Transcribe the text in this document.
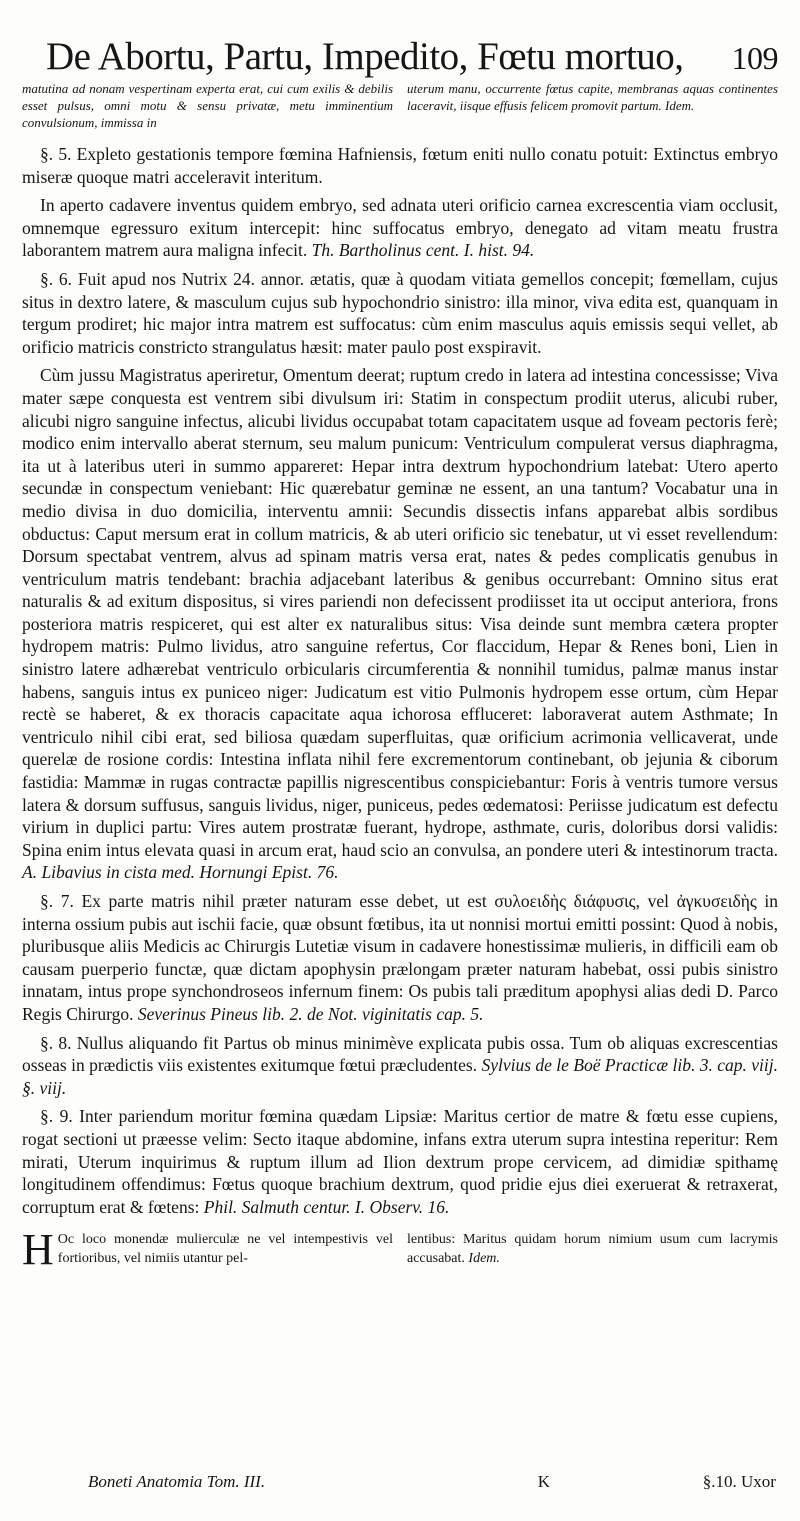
De Abortu, Partu, Impedito, Fœtu mortuo, 109
matutina ad nonam vespertinam experta erat, cui cum exilis & debilis esset pulsus, omni motu & sensu privatæ, metu imminentium convulsionum, immissa in
uterum manu, occurrente fœtus capite, membranas aquas continentes laceravit, iisque effusis felicem promovit partum. Idem.

§. 5. Expleto gestationis tempore fœmina Hafniensis, fœtum eniti nullo conatu potuit: Extinctus embryo miseræ quoque matri acceleravit interitum.

In aperto cadavere inventus quidem embryo, sed adnata uteri orificio carnea excrescentia viam occlusit, omnemque egressuro exitum intercepit: hinc suffocatus embryo, denegato ad vitam meatu frustra laborantem matrem aura maligna infecit. Th. Bartholinus cent. I. hist. 94.

§. 6. Fuit apud nos Nutrix 24. annor. ætatis, quæ à quodam vitiata gemellos concepit; fœmellam, cujus situs in dextro latere, & masculum cujus sub hypochondrio sinistro: illa minor, viva edita est, quanquam in tergum prodiret; hic major intra matrem est suffocatus: cùm enim masculus aquis emissis sequi vellet, ab orificio matricis constricto strangulatus hæsit: mater paulo post exspiravit.

Cùm jussu Magistratus aperiretur, Omentum deerat; ruptum credo in latera ad intestina concessisse; Viva mater sæpe conquesta est ventrem sibi divulsum iri: Statim in conspectum prodiit uterus, alicubi ruber, alicubi nigro sanguine infectus, alicubi lividus occupabat totam capacitatem usque ad foveam pectoris ferè; modico enim intervallo aberat sternum, seu malum punicum: Ventriculum compulerat versus diaphragma, ita ut à lateribus uteri in summo appareret: Hepar intra dextrum hypochondrium latebat: Utero aperto secundæ in conspectum veniebant: Hic quærebatur geminæ ne essent, an una tantum? Vocabatur una in medio divisa in duo domicilia, interventu amnii: Secundis dissectis infans apparebat albis sordibus obductus: Caput mersum erat in collum matricis, & ab uteri orificio sic tenebatur, ut vi esset revellendum: Dorsum spectabat ventrem, alvus ad spinam matris versa erat, nates & pedes complicatis genubus in ventriculum matris tendebant: brachia adjacebant lateribus & genibus occurrebant: Omnino situs erat naturalis & ad exitum dispositus, si vires pariendi non defecissent prodiisset ita ut occiput anteriora, frons posteriora matris respiceret, qui est alter ex naturalibus situs: Visa deinde sunt membra cætera propter hydropem matris: Pulmo lividus, atro sanguine refertus, Cor flaccidum, Hepar & Renes boni, Lien in sinistro latere adhærebat ventriculo orbicularis circumferentia & nonnihil tumidus, palmæ manus instar habens, sanguis intus ex puniceo niger: Judicatum est vitio Pulmonis hydropem esse ortum, cùm Hepar rectè se haberet, & ex thoracis capacitate aqua ichorosa effluceret: laboraverat autem Asthmate; In ventriculo nihil cibi erat, sed biliosa quædam superfluitas, quæ orificium acrimonia vellicaverat, unde querelæ de rosione cordis: Intestina inflata nihil fere excrementorum continebant, ob jejunia & ciborum fastidia: Mammæ in rugas contractæ papillis nigrescentibus conspiciebantur: Foris à ventris tumore versus latera & dorsum suffusus, sanguis lividus, niger, puniceus, pedes œdematosi: Periisse judicatum est defectu virium in duplici partu: Vires autem prostratæ fuerant, hydrope, asthmate, curis, doloribus dorsi validis: Spina enim intus elevata quasi in arcum erat, haud scio an convulsa, an pondere uteri & intestinorum tracta. A. Libavius in cista med. Hornungi Epist. 76.

§. 7. Ex parte matris nihil præter naturam esse debet, ut est συλοειδὴς διάφυσις, vel ἀγκυσειδὴς in interna ossium pubis aut ischii facie, quæ obsunt fœtibus, ita ut nonnisi mortui emitti possint: Quod à nobis, pluribusque aliis Medicis ac Chirurgis Lutetiæ visum in cadavere honestissimæ mulieris, in difficili eam ob causam puerperio functæ, quæ dictam apophysin prælongam præter naturam habebat, ossi pubis sinistro innatam, intus prope synchondroseos infernum finem: Os pubis tali præditum apophysi alias dedi D. Parco Regis Chirurgo. Severinus Pineus lib. 2. de Not. viginitatis cap. 5.

§. 8. Nullus aliquando fit Partus ob minus minimève explicata pubis ossa. Tum ob aliquas excrescentias osseas in prædictis viis existentes exitumque fœtui præcludentes. Sylvius de le Boë Practicæ lib. 3. cap. viij. §. viij.

§. 9. Inter pariendum moritur fœmina quædam Lipsiæ: Maritus certior de matre & fœtu esse cupiens, rogat sectioni ut præesse velim: Secto itaque abdomine, infans extra uterum supra intestina reperitur: Rem mirati, Uterum inquirimus & ruptum illum ad Ilion dextrum prope cervicem, ad dimidiæ spithamę longitudinem offendimus: Fœtus quoque brachium dextrum, quod pridie ejus diei exeruerat & retraxerat, corruptum erat & fœtens: Phil. Salmuth centur. I. Observ. 16.

H Oc loco monendæ mulierculæ ne vel intempestivis vel fortioribus, vel nimiis utantur pel-
lentibus: Maritus quidam horum nimium usum cum lacrymis accusabat. Idem.
Boneti Anatomia Tom. III.	K	§.10. Uxor
